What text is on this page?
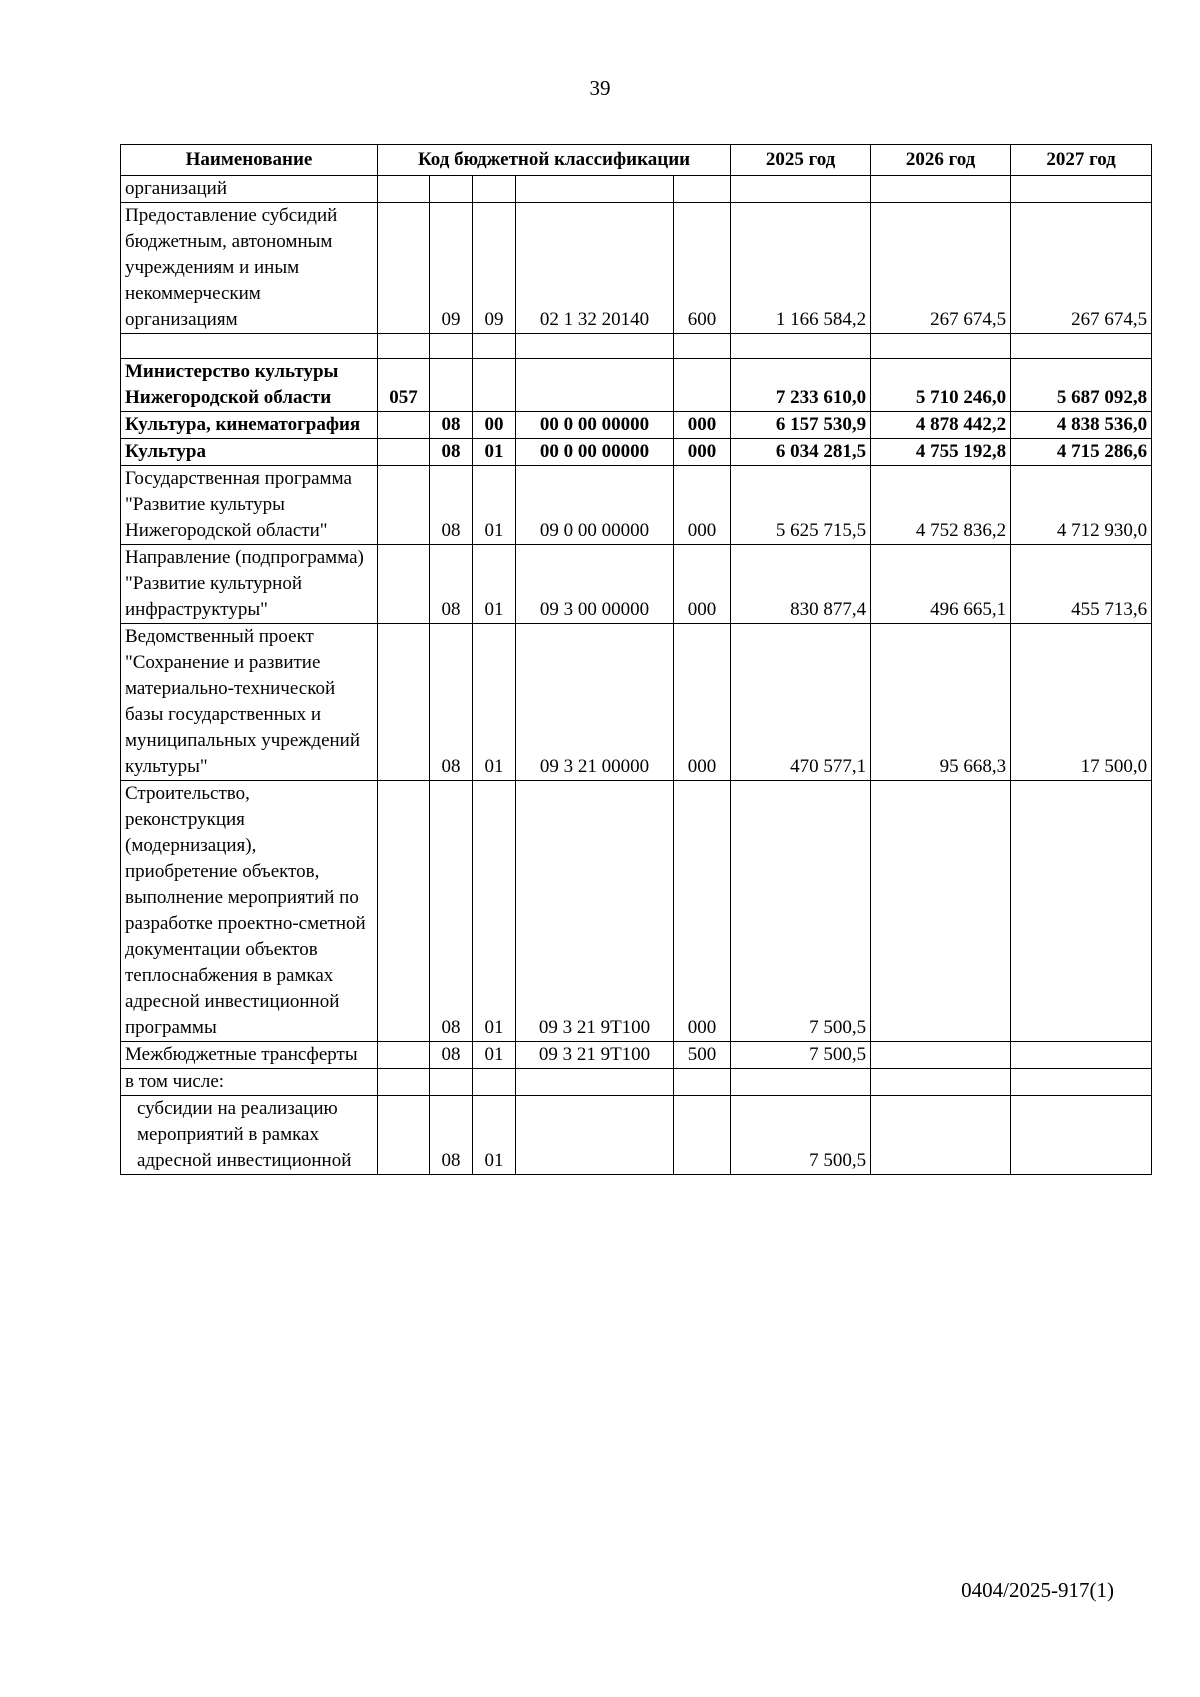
39
Наименование	Код бюджетной классификации					2025 год	2026 год	2027 год
организаций								
Предоставление субсидий бюджетным, автономным учреждениям и иным некоммерческим организациям		09	09	02 1 32 20140	600	1 166 584,2	267 674,5	267 674,5

Министерство культуры Нижегородской области	057					7 233 610,0	5 710 246,0	5 687 092,8
Культура, кинематография		08	00	00 0 00 00000	000	6 157 530,9	4 878 442,2	4 838 536,0
Культура		08	01	00 0 00 00000	000	6 034 281,5	4 755 192,8	4 715 286,6
Государственная программа "Развитие культуры Нижегородской области"		08	01	09 0 00 00000	000	5 625 715,5	4 752 836,2	4 712 930,0
Направление (подпрограмма) "Развитие культурной инфраструктуры"		08	01	09 3 00 00000	000	830 877,4	496 665,1	455 713,6
Ведомственный проект "Сохранение и развитие материально-технической базы государственных и муниципальных учреждений культуры"		08	01	09 3 21 00000	000	470 577,1	95 668,3	17 500,0
Строительство, реконструкция (модернизация), приобретение объектов, выполнение мероприятий по разработке проектно-сметной документации объектов теплоснабжения в рамках адресной инвестиционной программы		08	01	09 3 21 9Т100	000	7 500,5		
Межбюджетные трансферты		08	01	09 3 21 9Т100	500	7 500,5		
в том числе:								
субсидии на реализацию мероприятий в рамках адресной инвестиционной		08	01			7 500,5		
0404/2025-917(1)
